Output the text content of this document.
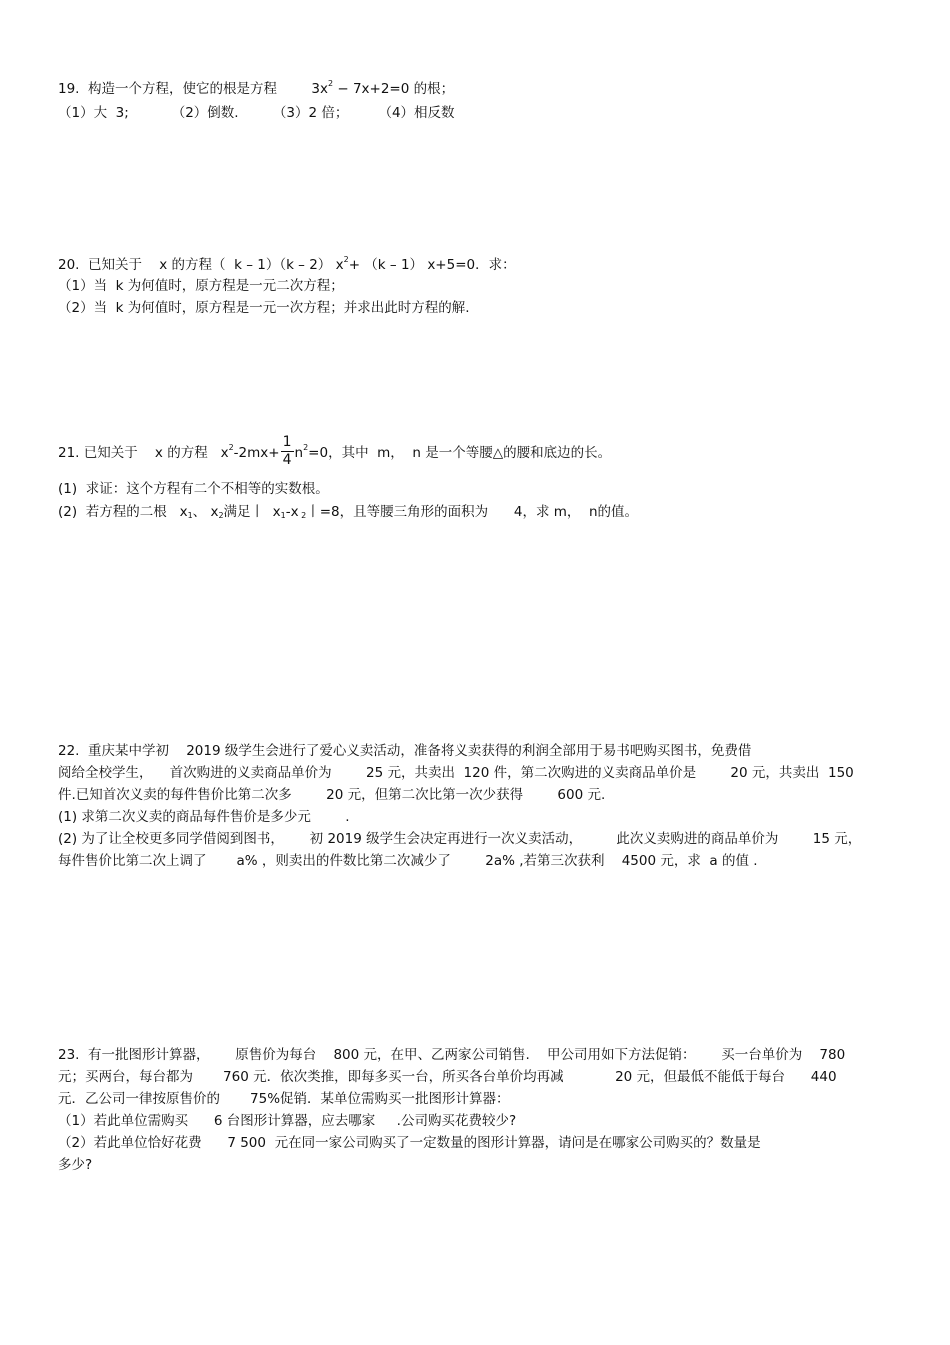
19.  构造一个方程，使它的根是方程        $3x^2 - 7x+2=0$ 的根；
（1）大  3;          （2）倒数.        （3）2 倍；       （4）相反数
20.  已知关于    x 的方程（  k – 1）（k – 2） $x^2+ (k - 1)$ x+5=0．求：
（1）当  k 为何值时，原方程是一元二次方程；
（2）当  k 为何值时，原方程是一元一次方程；并求出此时方程的解.
21. 已知关于    x 的方程   $x^2-2mx+ \frac{1}{4} n^2=0$，其中  m，  n 是一个等腰△的腰和底边的长。
(1)  求证：这个方程有二个不相等的实数根。
(2)  若方程的二根   $x_1$、 $x_2$满足丨  $x_1-x$ $_2$丨=8，且等腰三角形的面积为      4，求 m，  n的值。
22.  重庆某中学初    2019 级学生会进行了爱心义卖活动，准备将义卖获得的利润全部用于易书吧购买图书，免费借
阅给全校学生，    首次购进的义卖商品单价为        25 元，共卖出  120 件，第二次购进的义卖商品单价是        20 元，共卖出  150
件.已知首次义卖的每件售价比第二次多        20 元，但第二次比第一次少获得        600 元.
(1) 求第二次义卖的商品每件售价是多少元        .
(2) 为了让全校更多同学借阅到图书，      初 2019 级学生会决定再进行一次义卖活动，        此次义卖购进的商品单价为        15 元，
每件售价比第二次上调了       a% ，则卖出的件数比第二次减少了        2a% ,若第三次获利    4500 元，求  a 的值 .
23.  有一批图形计算器，      原售价为每台    800 元，在甲、乙两家公司销售.    甲公司用如下方法促销：      买一台单价为    780
元；买两台，每台都为       760 元．依次类推，即每多买一台，所买各台单价均再减            20 元，但最低不能低于每台      440
元．乙公司一律按原售价的       75%促销．某单位需购买一批图形计算器：
（1）若此单位需购买      6 台图形计算器，应去哪家     .公司购买花费较少?
（2）若此单位恰好花费      7 500  元在同一家公司购买了一定数量的图形计算器，请问是在哪家公司购买的？数量是
多少?
